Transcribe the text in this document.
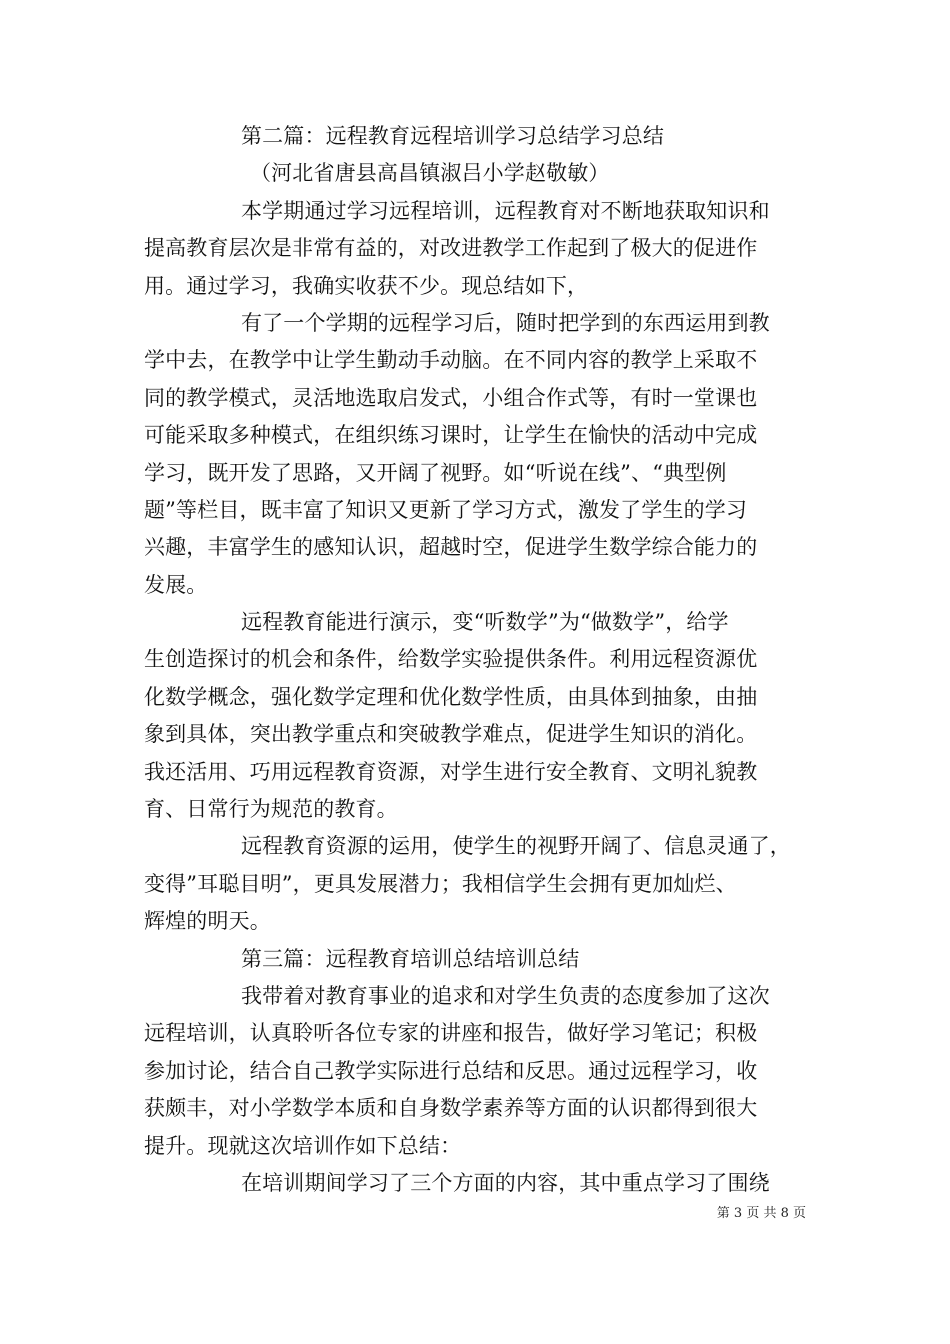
第二篇：远程教育远程培训学习总结学习总结
（河北省唐县高昌镇淑吕小学赵敬敏）
本学期通过学习远程培训，远程教育对不断地获取知识和
提高教育层次是非常有益的，对改进教学工作起到了极大的促进作
用。通过学习，我确实收获不少。现总结如下，
有了一个学期的远程学习后，随时把学到的东西运用到教
学中去，在教学中让学生勤动手动脑。在不同内容的教学上采取不
同的教学模式，灵活地选取启发式，小组合作式等，有时一堂课也
可能采取多种模式，在组织练习课时，让学生在愉快的活动中完成
学习，既开发了思路，又开阔了视野。如“听说在线”、“典型例
题”等栏目，既丰富了知识又更新了学习方式，激发了学生的学习
兴趣，丰富学生的感知认识，超越时空，促进学生数学综合能力的
发展。
远程教育能进行演示，变“听数学”为“做数学”，给学
生创造探讨的机会和条件，给数学实验提供条件。利用远程资源优
化数学概念，强化数学定理和优化数学性质，由具体到抽象，由抽
象到具体，突出教学重点和突破教学难点，促进学生知识的消化。
我还活用、巧用远程教育资源，对学生进行安全教育、文明礼貌教
育、日常行为规范的教育。
远程教育资源的运用，使学生的视野开阔了、信息灵通了，
变得”耳聪目明”，更具发展潜力；我相信学生会拥有更加灿烂、
辉煌的明天。
第三篇：远程教育培训总结培训总结
我带着对教育事业的追求和对学生负责的态度参加了这次
远程培训，认真聆听各位专家的讲座和报告，做好学习笔记；积极
参加讨论，结合自己教学实际进行总结和反思。通过远程学习，收
获颇丰，对小学数学本质和自身数学素养等方面的认识都得到很大
提升。现就这次培训作如下总结：
在培训期间学习了三个方面的内容，其中重点学习了围绕
第 3 页 共 8 页
